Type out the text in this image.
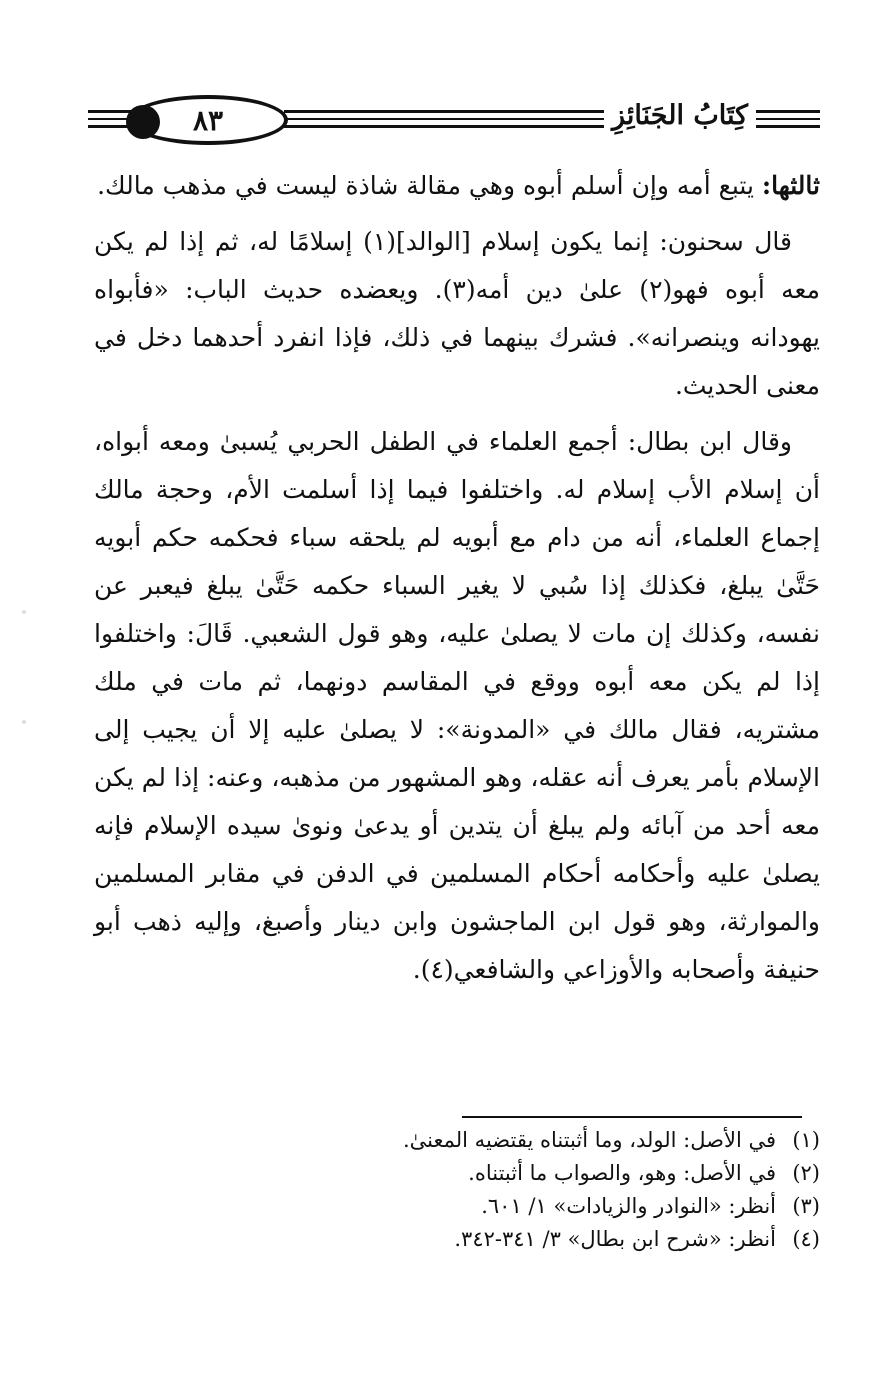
٨٣	كِتَابُ الجَنَائِزِ

ثالثها: يتبع أمه وإن أسلم أبوه وهي مقالة شاذة ليست في مذهب مالك.

قال سحنون: إنما يكون إسلام [الوالد](١) إسلامًا له، ثم إذا لم يكن معه أبوه فهو(٢) علىٰ دين أمه(٣). ويعضده حديث الباب: «فأبواه يهودانه وينصرانه». فشرك بينهما في ذلك، فإذا انفرد أحدهما دخل في معنى الحديث.

وقال ابن بطال: أجمع العلماء في الطفل الحربي يُسبىٰ ومعه أبواه، أن إسلام الأب إسلام له. واختلفوا فيما إذا أسلمت الأم، وحجة مالك إجماع العلماء، أنه من دام مع أبويه لم يلحقه سباء فحكمه حكم أبويه حَتَّىٰ يبلغ، فكذلك إذا سُبي لا يغير السباء حكمه حَتَّىٰ يبلغ فيعبر عن نفسه، وكذلك إن مات لا يصلىٰ عليه، وهو قول الشعبي. قَالَ: واختلفوا إذا لم يكن معه أبوه ووقع في المقاسم دونهما، ثم مات في ملك مشتريه، فقال مالك في «المدونة»: لا يصلىٰ عليه إلا أن يجيب إلى الإسلام بأمر يعرف أنه عقله، وهو المشهور من مذهبه، وعنه: إذا لم يكن معه أحد من آبائه ولم يبلغ أن يتدين أو يدعىٰ ونوىٰ سيده الإسلام فإنه يصلىٰ عليه وأحكامه أحكام المسلمين في الدفن في مقابر المسلمين والموارثة، وهو قول ابن الماجشون وابن دينار وأصبغ، وإليه ذهب أبو حنيفة وأصحابه والأوزاعي والشافعي(٤).

(١)
في الأصل: الولد، وما أثبتناه يقتضيه المعنىٰ.
(٢)
في الأصل: وهو، والصواب ما أثبتناه.
(٣)
أنظر: «النوادر والزيادات» ١/ ٦٠١.
(٤)
أنظر: «شرح ابن بطال» ٣/ ٣٤١-٣٤٢.
